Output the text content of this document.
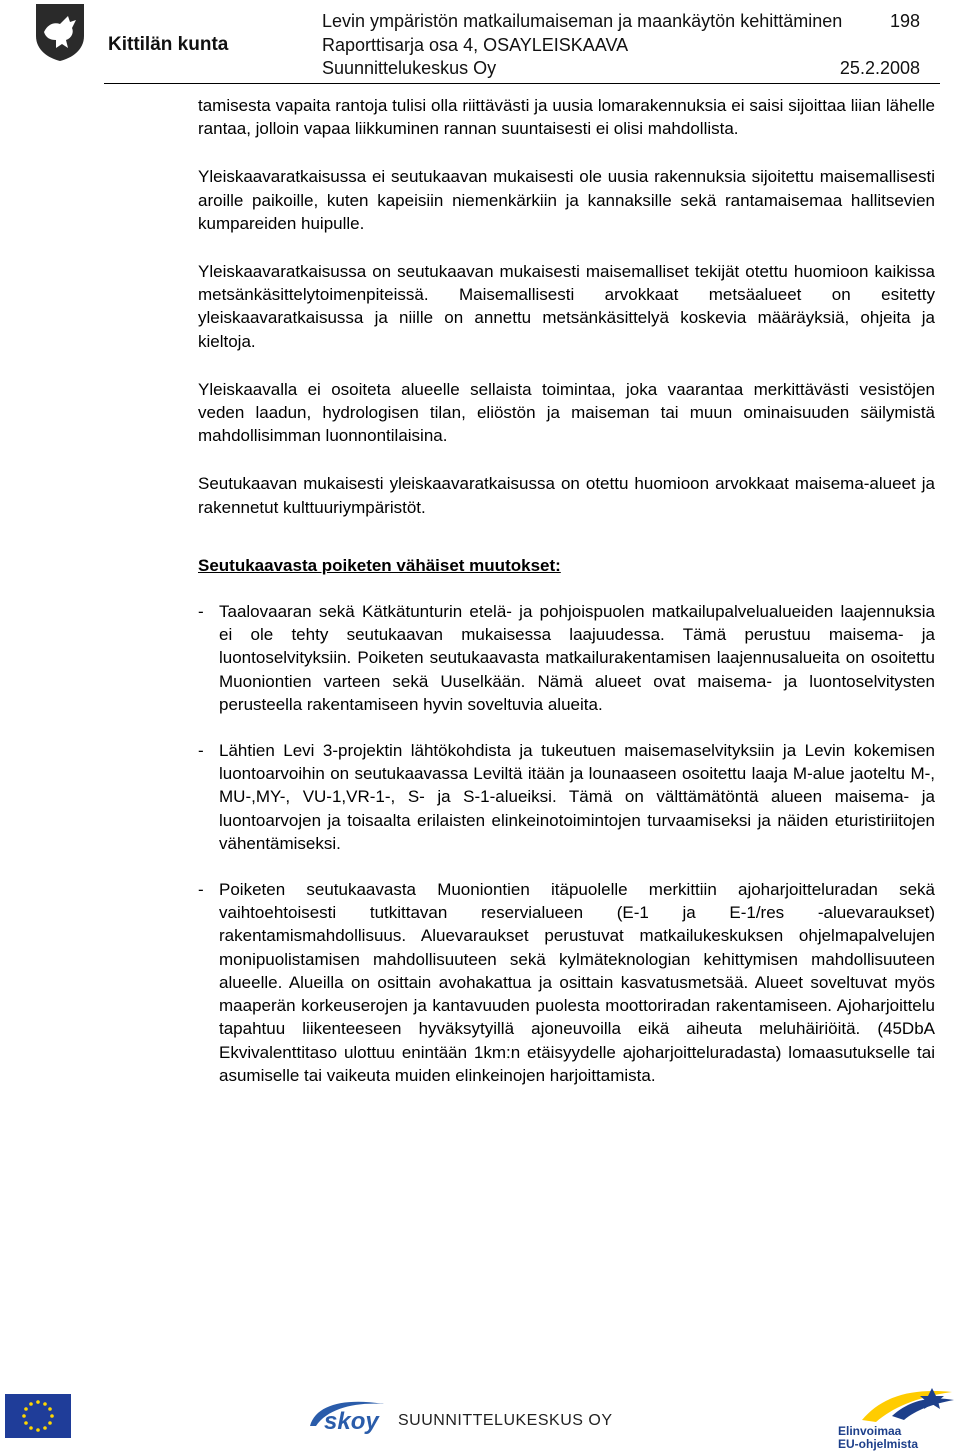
Kittilän kunta
Levin ympäristön matkailumaiseman ja maankäytön kehittäminen	198
Raporttisarja osa 4, OSAYLEISKAAVA
Suunnittelukeskus Oy	25.2.2008

tamisesta vapaita rantoja tulisi olla riittävästi ja uusia lomarakennuksia ei saisi sijoittaa liian lähelle rantaa, jolloin vapaa liikkuminen rannan suuntaisesti ei olisi mahdollista.

Yleiskaavaratkaisussa ei seutukaavan mukaisesti ole uusia rakennuksia sijoitettu maisemallisesti aroille paikoille, kuten kapeisiin niemenkärkiin ja kannaksille sekä rantamaisemaa hallitsevien kumpareiden huipulle.

Yleiskaavaratkaisussa on seutukaavan mukaisesti maisemalliset tekijät otettu huomioon kaikissa metsänkäsittelytoimenpiteissä. Maisemallisesti arvokkaat metsäalueet on esitetty yleiskaavaratkaisussa ja niille on annettu metsänkäsittelyä koskevia määräyksiä, ohjeita ja kieltoja.

Yleiskaavalla ei osoiteta alueelle sellaista toimintaa, joka vaarantaa merkittävästi vesistöjen veden laadun, hydrologisen tilan, eliöstön ja maiseman tai muun ominaisuuden säilymistä mahdollisimman luonnontilaisina.

Seutukaavan mukaisesti yleiskaavaratkaisussa on otettu huomioon arvokkaat maisema-alueet ja rakennetut kulttuuriympäristöt.

Seutukaavasta poiketen vähäiset muutokset:
- Taalovaaran sekä Kätkätunturin etelä- ja pohjoispuolen matkailupalvelualueiden laajennuksia ei ole tehty seutukaavan mukaisessa laajuudessa. Tämä perustuu maisema- ja luontoselvityksiin. Poiketen seutukaavasta matkailurakentamisen laajennusalueita on osoitettu Muoniontien varteen sekä Uuselkään. Nämä alueet ovat maisema- ja luontoselvitysten perusteella rakentamiseen hyvin soveltuvia alueita.
- Lähtien Levi 3-projektin lähtökohdista ja tukeutuen maisemaselvityksiin ja Levin kokemisen luontoarvoihin on seutukaavassa Leviltä itään ja lounaaseen osoitettu laaja M-alue jaoteltu M-, MU-,MY-, VU-1,VR-1-, S- ja S-1-alueiksi. Tämä on välttämätöntä alueen maisema- ja luontoarvojen ja toisaalta erilaisten elinkeinotoimintojen turvaamiseksi ja näiden eturistiriitojen vähentämiseksi.
- Poiketen seutukaavasta Muoniontien itäpuolelle merkittiin ajoharjoitteluradan sekä vaihtoehtoisesti tutkittavan reservialueen (E-1 ja E-1/res -aluevaraukset) rakentamismahdollisuus. Aluevaraukset perustuvat matkailukeskuksen ohjelmapalvelujen monipuolistamisen mahdollisuuteen sekä kylmäteknologian kehittymisen mahdollisuuteen alueelle. Alueilla on osittain avohakattua ja osittain kasvatusmetsää. Alueet soveltuvat myös maaperän korkeuserojen ja kantavuuden puolesta moottoriradan rakentamiseen. Ajoharjoittelu tapahtuu liikenteeseen hyväksytyillä ajoneuvoilla eikä aiheuta meluhäiriöitä. (45DbA Ekvivalenttitaso ulottuu enintään 1km:n etäisyydelle ajoharjoitteluradasta) lomaasutukselle tai asumiselle tai vaikeuta muiden elinkeinojen harjoittamista.
skoy SUUNNITTELUKESKUS OY
Elinvoimaa
EU-ohjelmista
